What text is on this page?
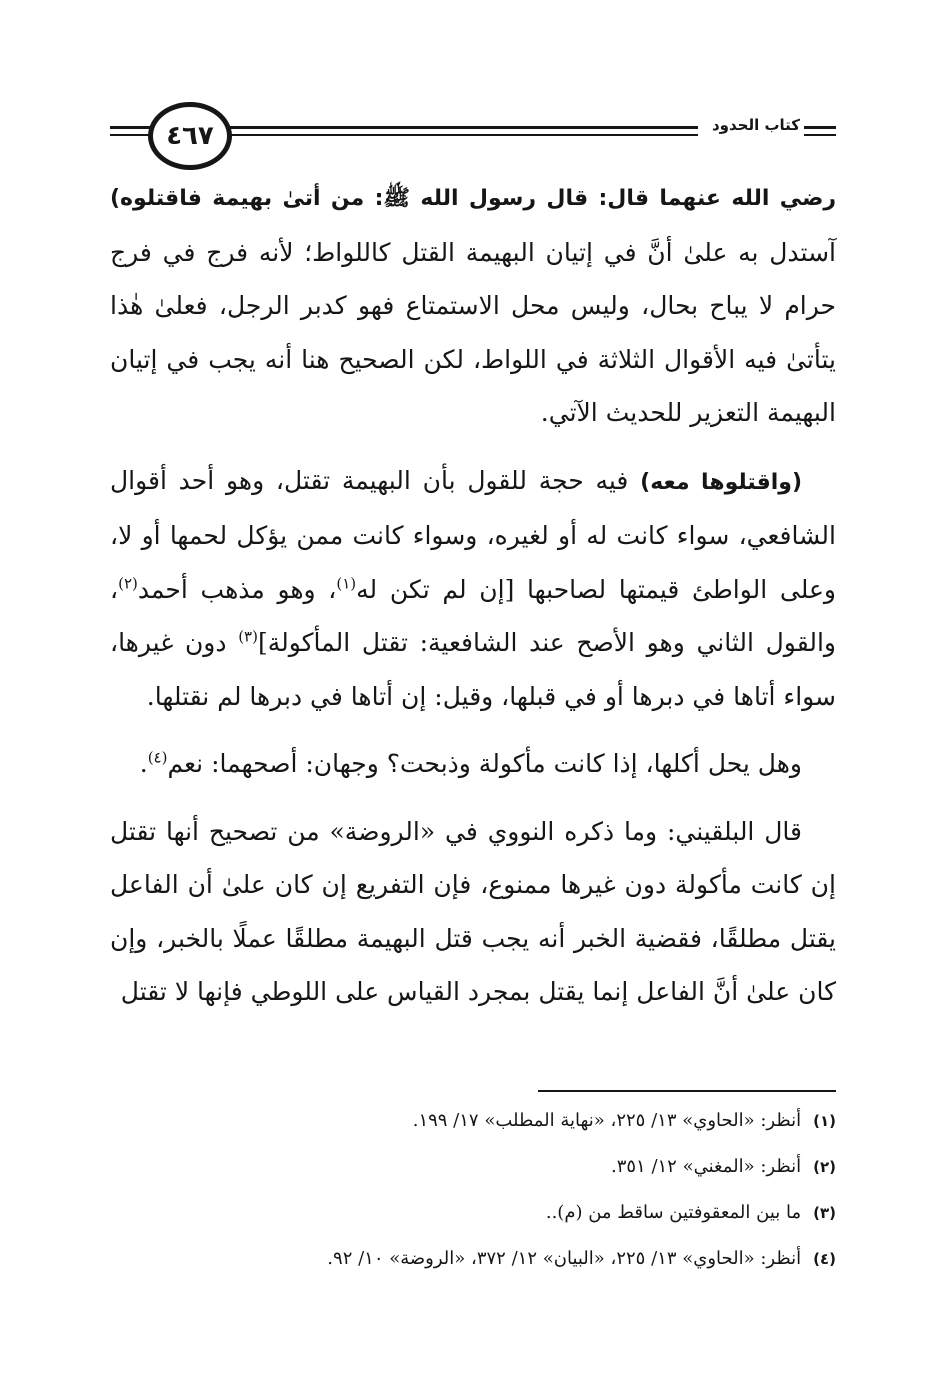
٤٦٧	كتاب الحدود

رضي الله عنهما قال: قال رسول الله ﷺ: من أتىٰ بهيمة فاقتلوه) آستدل به علىٰ أنَّ في إتيان البهيمة القتل كاللواط؛ لأنه فرج في فرج حرام لا يباح بحال، وليس محل الاستمتاع فهو كدبر الرجل، فعلىٰ هٰذا يتأتىٰ فيه الأقوال الثلاثة في اللواط، لكن الصحيح هنا أنه يجب في إتيان البهيمة التعزير للحديث الآتي.

(واقتلوها معه) فيه حجة للقول بأن البهيمة تقتل، وهو أحد أقوال الشافعي، سواء كانت له أو لغيره، وسواء كانت ممن يؤكل لحمها أو لا، وعلى الواطئ قيمتها لصاحبها [إن لم تكن له$^{(١)}$، وهو مذهب أحمد$^{(٢)}$، والقول الثاني وهو الأصح عند الشافعية: تقتل المأكولة]$^{(٣)}$ دون غيرها، سواء أتاها في دبرها أو في قبلها، وقيل: إن أتاها في دبرها لم نقتلها.

وهل يحل أكلها، إذا كانت مأكولة وذبحت؟ وجهان: أصحهما: نعم$^{(٤)}$.

قال البلقيني: وما ذكره النووي في «الروضة» من تصحيح أنها تقتل إن كانت مأكولة دون غيرها ممنوع، فإن التفريع إن كان علىٰ أن الفاعل يقتل مطلقًا، فقضية الخبر أنه يجب قتل البهيمة مطلقًا عملًا بالخبر، وإن كان علىٰ أنَّ الفاعل إنما يقتل بمجرد القياس على اللوطي فإنها لا تقتل

(١)أنظر: «الحاوي» ١٣/ ٢٢٥، «نهاية المطلب» ١٧/ ١٩٩.
(٢)أنظر: «المغني» ١٢/ ٣٥١.
(٣)ما بين المعقوفتين ساقط من (م)..
(٤)أنظر: «الحاوي» ١٣/ ٢٢٥، «البيان» ١٢/ ٣٧٢، «الروضة» ١٠/ ٩٢.
